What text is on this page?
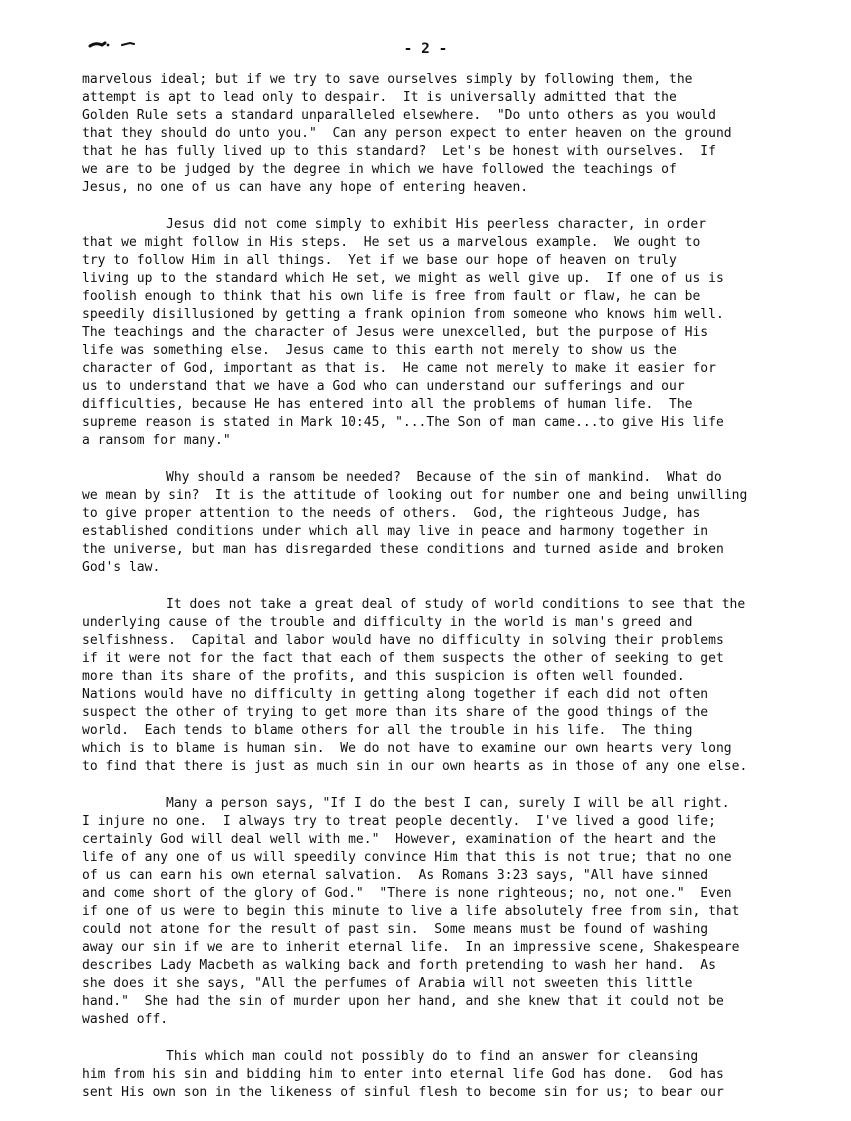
- 2 -
marvelous ideal; but if we try to save ourselves simply by following them, the
attempt is apt to lead only to despair.  It is universally admitted that the
Golden Rule sets a standard unparalleled elsewhere.  "Do unto others as you would
that they should do unto you."  Can any person expect to enter heaven on the ground
that he has fully lived up to this standard?  Let's be honest with ourselves.  If
we are to be judged by the degree in which we have followed the teachings of
Jesus, no one of us can have any hope of entering heaven.
Jesus did not come simply to exhibit His peerless character, in order
that we might follow in His steps.  He set us a marvelous example.  We ought to
try to follow Him in all things.  Yet if we base our hope of heaven on truly
living up to the standard which He set, we might as well give up.  If one of us is
foolish enough to think that his own life is free from fault or flaw, he can be
speedily disillusioned by getting a frank opinion from someone who knows him well.
The teachings and the character of Jesus were unexcelled, but the purpose of His
life was something else.  Jesus came to this earth not merely to show us the
character of God, important as that is.  He came not merely to make it easier for
us to understand that we have a God who can understand our sufferings and our
difficulties, because He has entered into all the problems of human life.  The
supreme reason is stated in Mark 10:45, "...The Son of man came...to give His life
a ransom for many."
Why should a ransom be needed?  Because of the sin of mankind.  What do
we mean by sin?  It is the attitude of looking out for number one and being unwilling
to give proper attention to the needs of others.  God, the righteous Judge, has
established conditions under which all may live in peace and harmony together in
the universe, but man has disregarded these conditions and turned aside and broken
God's law.
It does not take a great deal of study of world conditions to see that the
underlying cause of the trouble and difficulty in the world is man's greed and
selfishness.  Capital and labor would have no difficulty in solving their problems
if it were not for the fact that each of them suspects the other of seeking to get
more than its share of the profits, and this suspicion is often well founded.
Nations would have no difficulty in getting along together if each did not often
suspect the other of trying to get more than its share of the good things of the
world.  Each tends to blame others for all the trouble in his life.  The thing
which is to blame is human sin.  We do not have to examine our own hearts very long
to find that there is just as much sin in our own hearts as in those of any one else.
Many a person says, "If I do the best I can, surely I will be all right.
I injure no one.  I always try to treat people decently.  I've lived a good life;
certainly God will deal well with me."  However, examination of the heart and the
life of any one of us will speedily convince Him that this is not true; that no one
of us can earn his own eternal salvation.  As Romans 3:23 says, "All have sinned
and come short of the glory of God."  "There is none righteous; no, not one."  Even
if one of us were to begin this minute to live a life absolutely free from sin, that
could not atone for the result of past sin.  Some means must be found of washing
away our sin if we are to inherit eternal life.  In an impressive scene, Shakespeare
describes Lady Macbeth as walking back and forth pretending to wash her hand.  As
she does it she says, "All the perfumes of Arabia will not sweeten this little
hand."  She had the sin of murder upon her hand, and she knew that it could not be
washed off.
This which man could not possibly do to find an answer for cleansing
him from his sin and bidding him to enter into eternal life God has done.  God has
sent His own son in the likeness of sinful flesh to become sin for us; to bear our
